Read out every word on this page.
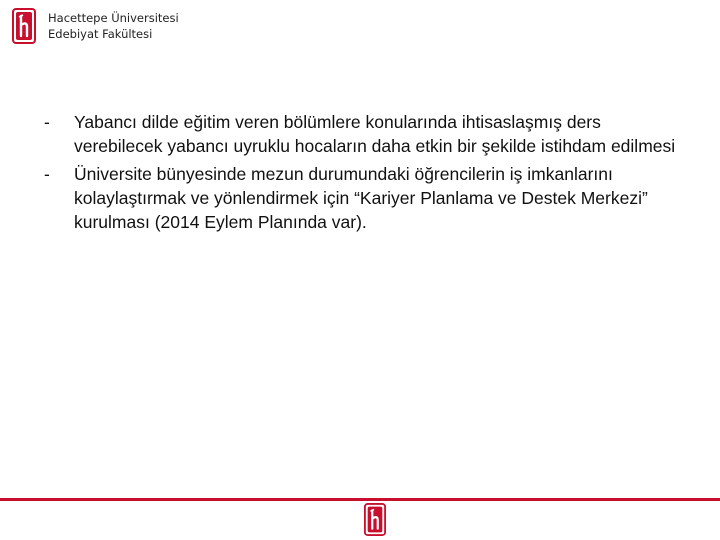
Hacettepe Üniversitesi
Edebiyat Fakültesi
- Yabancı dilde eğitim veren bölümlere konularında ihtisaslaşmış ders verebilecek yabancı uyruklu hocaların daha etkin bir şekilde istihdam edilmesi
- Üniversite bünyesinde mezun durumundaki öğrencilerin iş imkanlarını kolaylaştırmak ve yönlendirmek için “Kariyer Planlama ve Destek Merkezi” kurulması (2014 Eylem Planında var).
